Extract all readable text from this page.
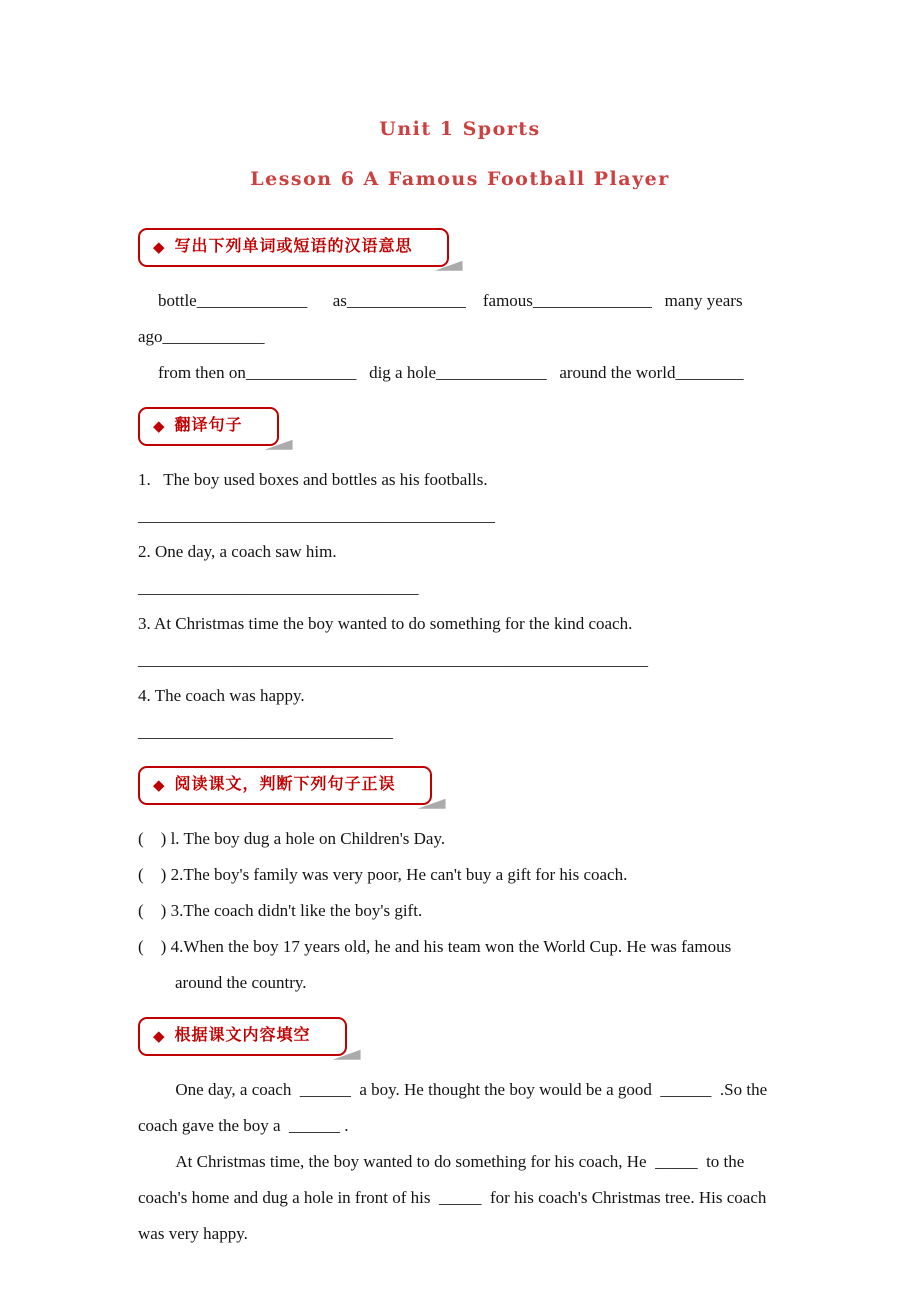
Unit 1 Sports
Lesson 6 A Famous Football Player
◆ 写出下列单词或短语的汉语意思

bottle_____________      as______________    famous______________   many years

ago____________

from then on_____________   dig a hole_____________   around the world________

◆ 翻译句子

1.   The boy used boxes and bottles as his footballs.

__________________________________________

2. One day, a coach saw him.

_________________________________

3. At Christmas time the boy wanted to do something for the kind coach.

____________________________________________________________

4. The coach was happy.

______________________________

◆ 阅读课文，判断下列句子正误

(    ) l. The boy dug a hole on Children's Day.

(    ) 2.The boy's family was very poor, He can't buy a gift for his coach.

(    ) 3.The coach didn't like the boy's gift.

(    ) 4.When the boy 17 years old, he and his team won the World Cup. He was famous around the country.

◆ 根据课文内容填空

One day, a coach  ______  a boy. He thought the boy would be a good  ______  .So the coach gave the boy a  ______ .

At Christmas time, the boy wanted to do something for his coach, He  _____  to the coach's home and dug a hole in front of his  _____  for his coach's Christmas tree. His coach was very happy.
